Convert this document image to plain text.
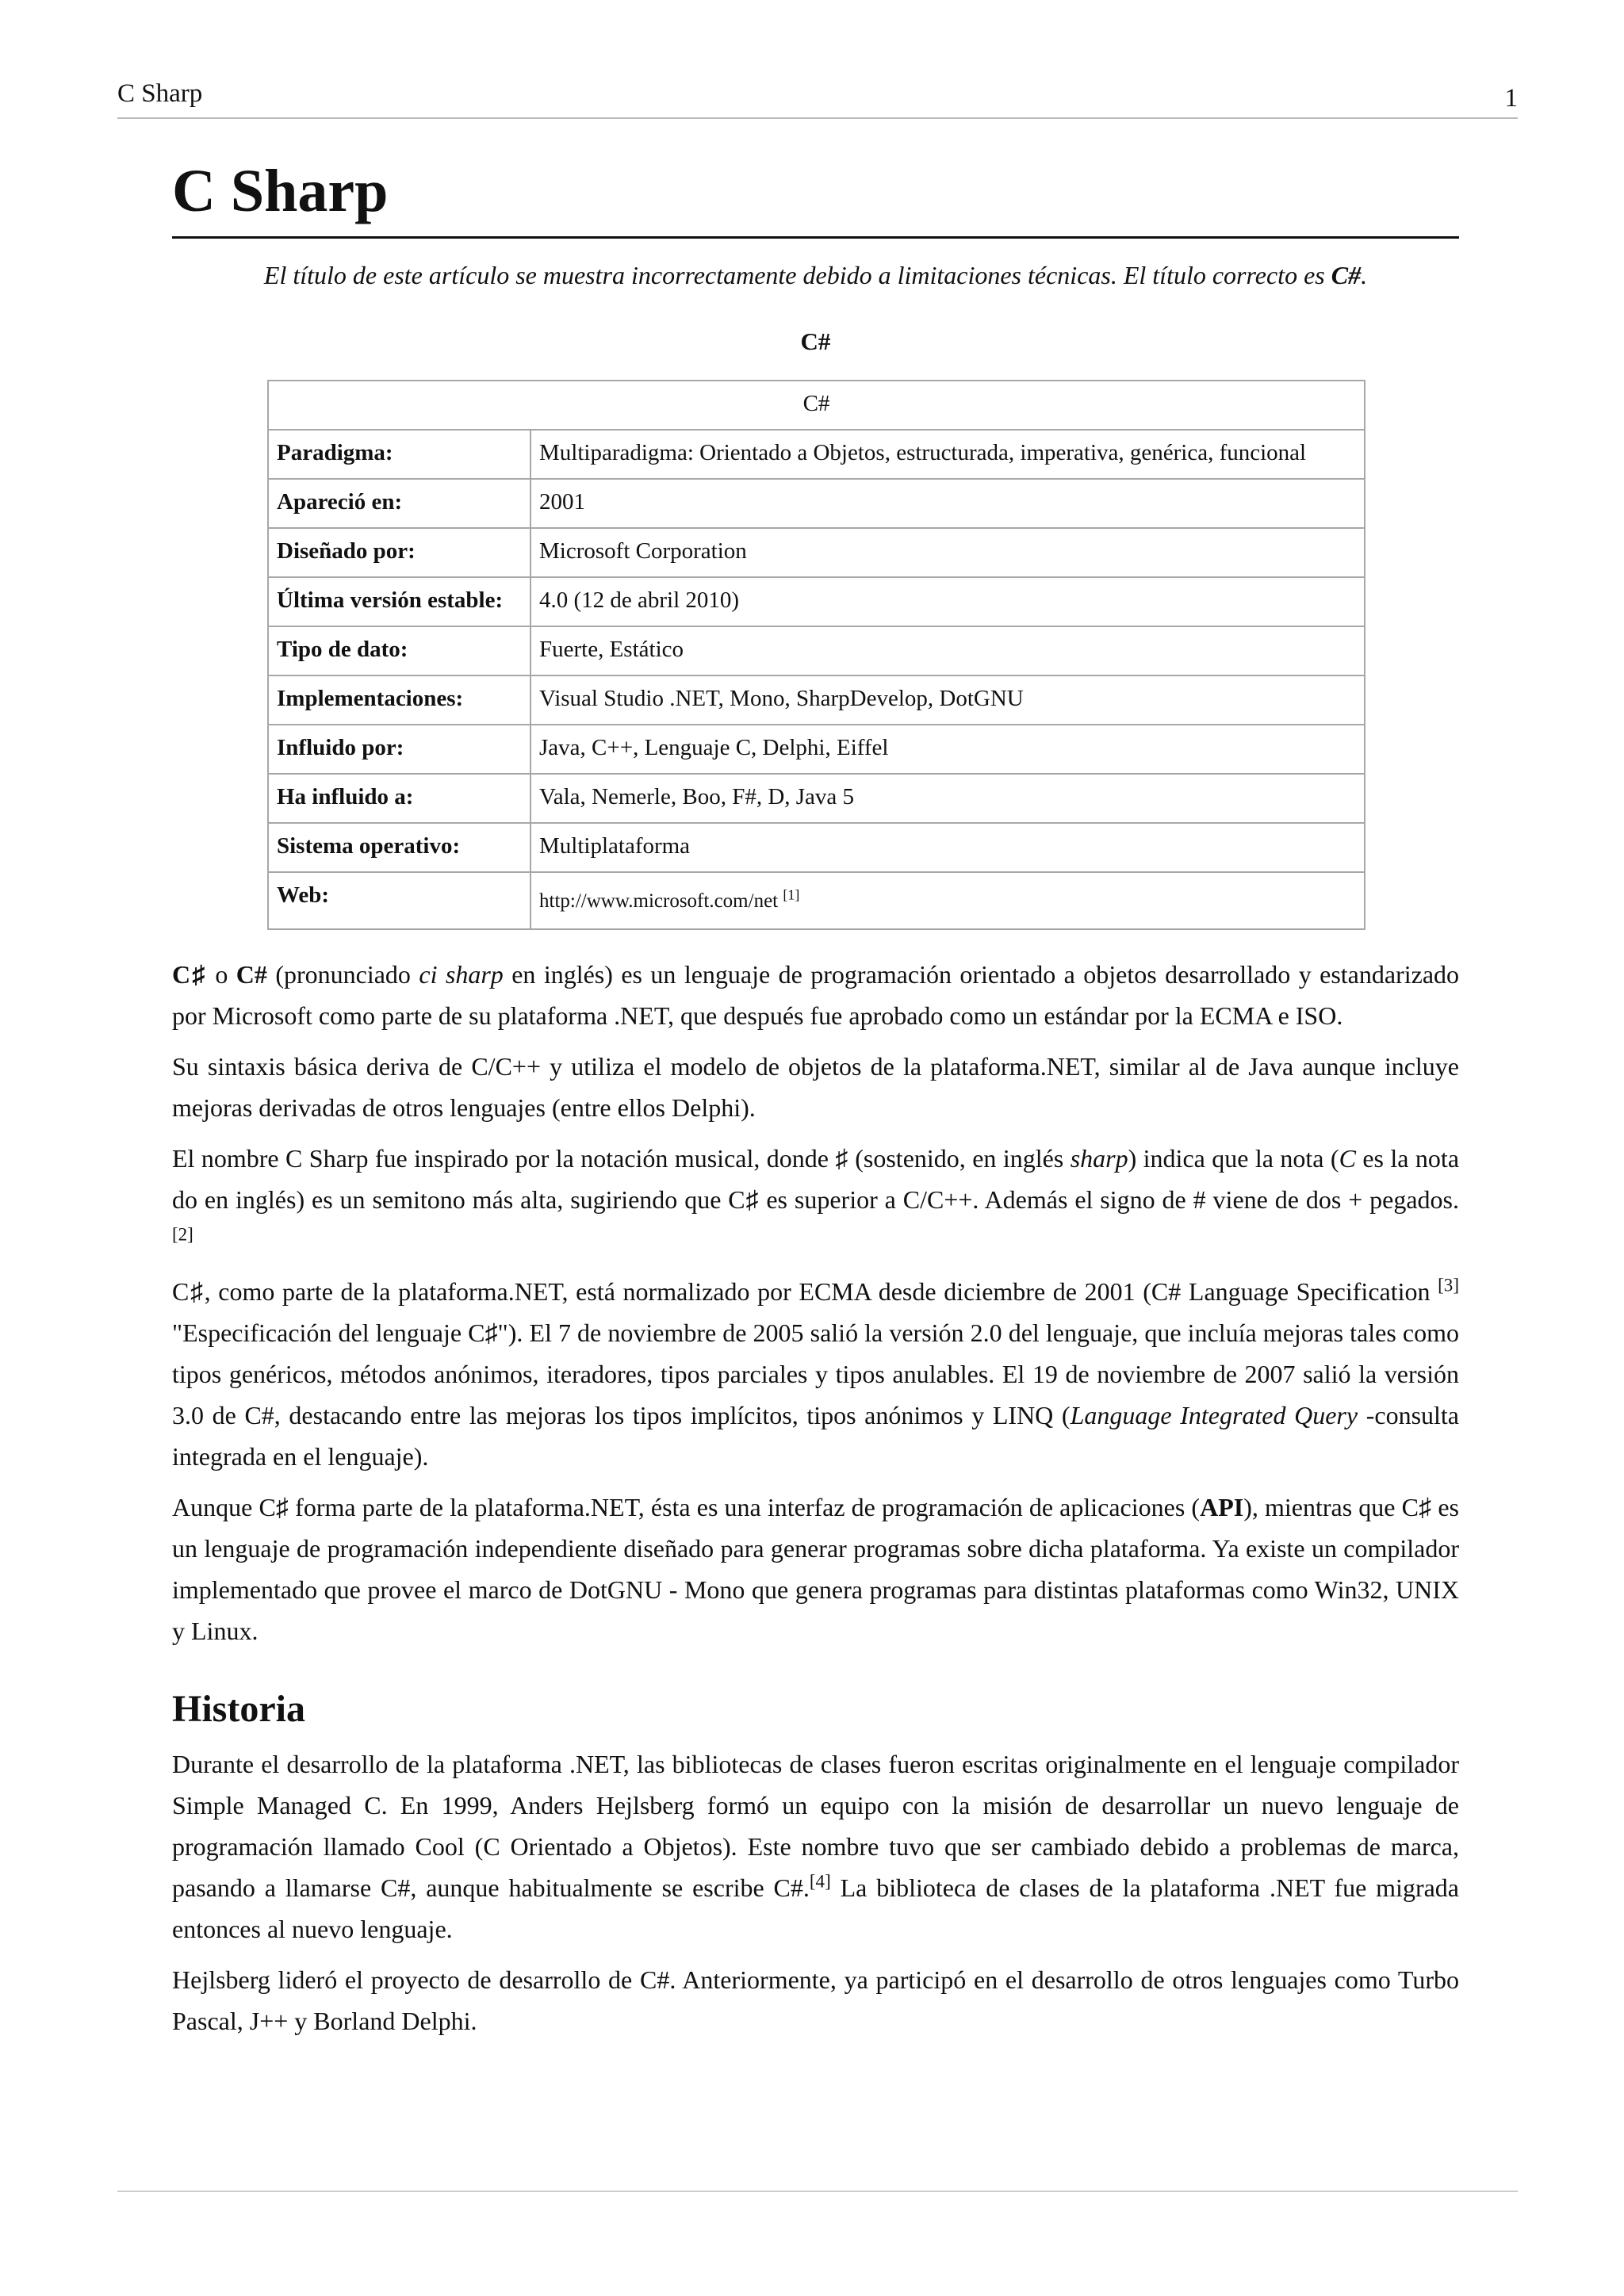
C Sharp	1
C Sharp

El título de este artículo se muestra incorrectamente debido a limitaciones técnicas. El título correcto es C#.

C#
C#	
Paradigma:	Multiparadigma: Orientado a Objetos, estructurada, imperativa, genérica, funcional
Apareció en:	2001
Diseñado por:	Microsoft Corporation
Última versión estable:	4.0 (12 de abril 2010)
Tipo de dato:	Fuerte, Estático
Implementaciones:	Visual Studio .NET, Mono, SharpDevelop, DotGNU
Influido por:	Java, C++, Lenguaje C, Delphi, Eiffel
Ha influido a:	Vala, Nemerle, Boo, F#, D, Java 5
Sistema operativo:	Multiplataforma
Web:	http://www.microsoft.com/net [1]

C♯ o C# (pronunciado ci sharp en inglés) es un lenguaje de programación orientado a objetos desarrollado y estandarizado por Microsoft como parte de su plataforma .NET, que después fue aprobado como un estándar por la ECMA e ISO.

Su sintaxis básica deriva de C/C++ y utiliza el modelo de objetos de la plataforma.NET, similar al de Java aunque incluye mejoras derivadas de otros lenguajes (entre ellos Delphi).

El nombre C Sharp fue inspirado por la notación musical, donde ♯ (sostenido, en inglés sharp) indica que la nota (C es la nota do en inglés) es un semitono más alta, sugiriendo que C♯ es superior a C/C++. Además el signo de # viene de dos + pegados.[2]

C♯, como parte de la plataforma.NET, está normalizado por ECMA desde diciembre de 2001 (C# Language Specification [3] "Especificación del lenguaje C♯"). El 7 de noviembre de 2005 salió la versión 2.0 del lenguaje, que incluía mejoras tales como tipos genéricos, métodos anónimos, iteradores, tipos parciales y tipos anulables. El 19 de noviembre de 2007 salió la versión 3.0 de C#, destacando entre las mejoras los tipos implícitos, tipos anónimos y LINQ (Language Integrated Query -consulta integrada en el lenguaje).

Aunque C♯ forma parte de la plataforma.NET, ésta es una interfaz de programación de aplicaciones (API), mientras que C♯ es un lenguaje de programación independiente diseñado para generar programas sobre dicha plataforma. Ya existe un compilador implementado que provee el marco de DotGNU - Mono que genera programas para distintas plataformas como Win32, UNIX y Linux.

Historia

Durante el desarrollo de la plataforma .NET, las bibliotecas de clases fueron escritas originalmente en el lenguaje compilador Simple Managed C. En 1999, Anders Hejlsberg formó un equipo con la misión de desarrollar un nuevo lenguaje de programación llamado Cool (C Orientado a Objetos). Este nombre tuvo que ser cambiado debido a problemas de marca, pasando a llamarse C#, aunque habitualmente se escribe C#.[4] La biblioteca de clases de la plataforma .NET fue migrada entonces al nuevo lenguaje.

Hejlsberg lideró el proyecto de desarrollo de C#. Anteriormente, ya participó en el desarrollo de otros lenguajes como Turbo Pascal, J++ y Borland Delphi.
